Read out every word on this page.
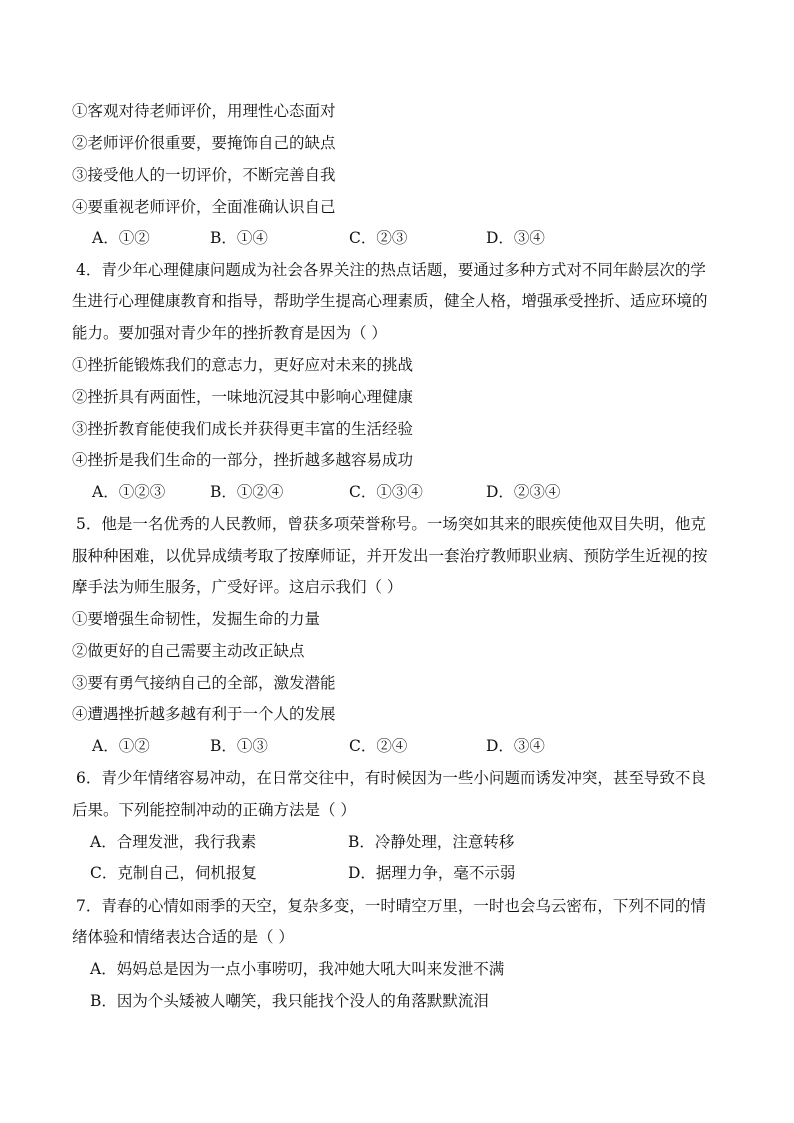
①客观对待老师评价，用理性心态面对
②老师评价很重要，要掩饰自己的缺点
③接受他人的一切评价，不断完善自我
④要重视老师评价，全面准确认识自己
A．①②	B．①④	C．②③	D．③④
4．青少年心理健康问题成为社会各界关注的热点话题，要通过多种方式对不同年龄层次的学
生进行心理健康教育和指导，帮助学生提高心理素质，健全人格，增强承受挫折、适应环境的
能力。要加强对青少年的挫折教育是因为（ ）
①挫折能锻炼我们的意志力，更好应对未来的挑战
②挫折具有两面性，一味地沉浸其中影响心理健康
③挫折教育能使我们成长并获得更丰富的生活经验
④挫折是我们生命的一部分，挫折越多越容易成功
A．①②③	B．①②④	C．①③④	D．②③④
5．他是一名优秀的人民教师，曾获多项荣誉称号。一场突如其来的眼疾使他双目失明，他克
服种种困难，以优异成绩考取了按摩师证，并开发出一套治疗教师职业病、预防学生近视的按
摩手法为师生服务，广受好评。这启示我们（ ）
①要增强生命韧性，发掘生命的力量
②做更好的自己需要主动改正缺点
③要有勇气接纳自己的全部，激发潜能
④遭遇挫折越多越有利于一个人的发展
A．①②	B．①③	C．②④	D．③④
6．青少年情绪容易冲动，在日常交往中，有时候因为一些小问题而诱发冲突，甚至导致不良
后果。下列能控制冲动的正确方法是（ ）
A．合理发泄，我行我素	B．冷静处理，注意转移
C．克制自己，伺机报复	D．据理力争，毫不示弱
7．青春的心情如雨季的天空，复杂多变，一时晴空万里，一时也会乌云密布，下列不同的情
绪体验和情绪表达合适的是（ ）
A．妈妈总是因为一点小事唠叨，我冲她大吼大叫来发泄不满
B．因为个头矮被人嘲笑，我只能找个没人的角落默默流泪
